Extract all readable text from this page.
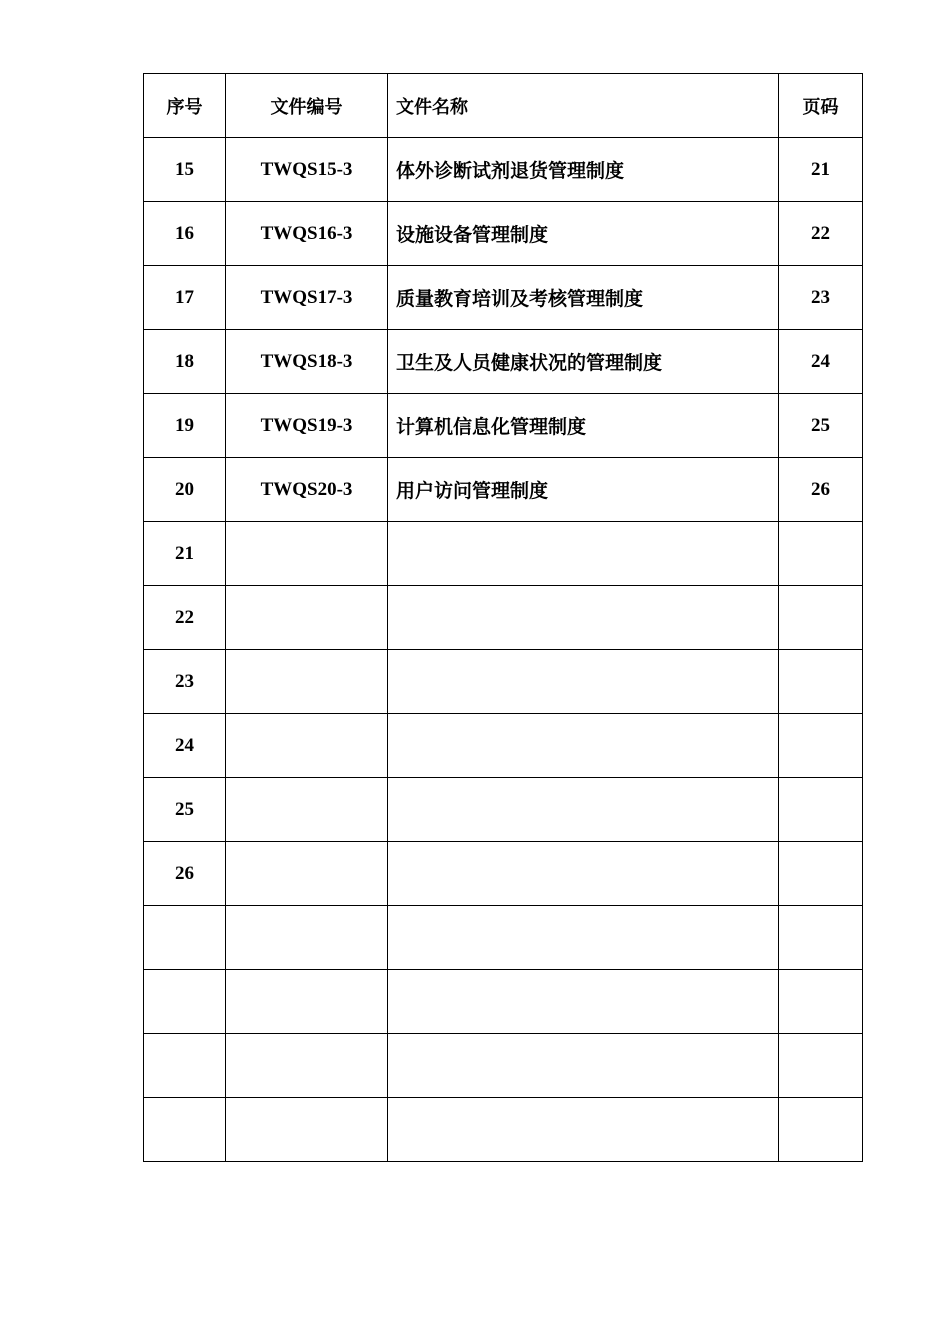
序号	文件编号	文件名称	页码
15	TWQS15-3	体外诊断试剂退货管理制度	21
16	TWQS16-3	设施设备管理制度	22
17	TWQS17-3	质量教育培训及考核管理制度	23
18	TWQS18-3	卫生及人员健康状况的管理制度	24
19	TWQS19-3	计算机信息化管理制度	25
20	TWQS20-3	用户访问管理制度	26
21			
22			
23			
24			
25			
26			
